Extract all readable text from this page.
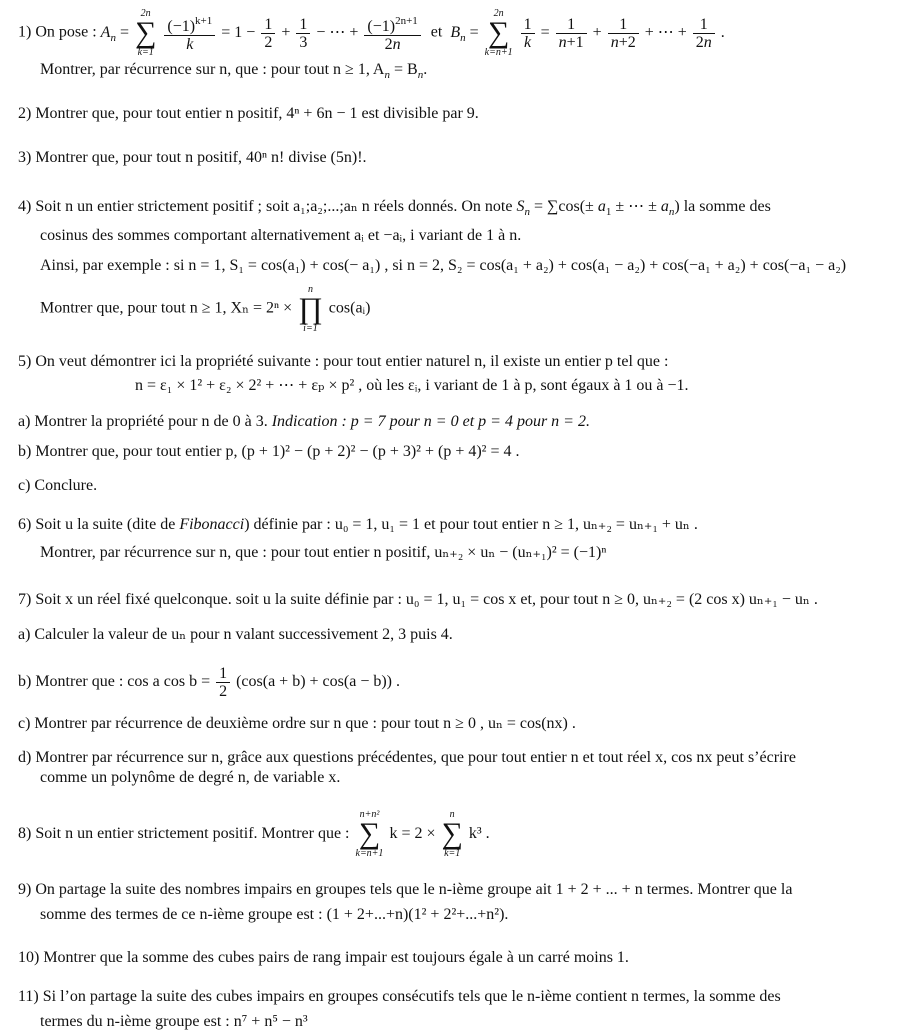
1) On pose : $A_n$ =
2n
∑
k=1
$\frac{(-1)^{k+1}}{k} = 1 - \frac{1}{2} + \frac{1}{3}$ − ⋯ + $\frac{(-1)^{2n+1}}{2n}$ et $B_n$ =
2n
∑
k=n+1

$\frac{1}{k} = \frac{1}{n+1} + \frac{1}{n+2}$ + ⋯ + $\frac{1}{2n}$ .
Montrer, par récurrence sur n, que : pour tout n ≥ 1, $A_n = B_n$.
2) Montrer que, pour tout entier n positif, 4ⁿ + 6n − 1 est divisible par 9.
3) Montrer que, pour tout n positif, 40ⁿ n! divise (5n)!.
4) Soit n un entier strictement positif ; soit a₁;a₂;...;aₙ n réels donnés. On note $S_n = \sum\cos(\pm a_1$ ± ⋯ ± $a_n$) la somme des
cosinus des sommes comportant alternativement aᵢ et −aᵢ, i variant de 1 à n.
Ainsi, par exemple : si n = 1, S₁ = cos(a₁) + cos(− a₁) , si n = 2, S₂ = cos(a₁ + a₂) + cos(a₁ − a₂) + cos(−a₁ + a₂) + cos(−a₁ − a₂)
Montrer que, pour tout n ≥ 1, Xₙ = 2ⁿ ×
n
∏
i=1
cos(aᵢ)
5) On veut démontrer ici la propriété suivante : pour tout entier naturel n, il existe un entier p tel que :
n = ε₁ × 1² + ε₂ × 2² + ⋯ + εₚ × p² , où les εᵢ, i variant de 1 à p, sont égaux à 1 ou à −1.
a) Montrer la propriété pour n de 0 à 3. Indication : p = 7 pour n = 0 et p = 4 pour n = 2.
b) Montrer que, pour tout entier p, (p + 1)² − (p + 2)² − (p + 3)² + (p + 4)² = 4 .
c) Conclure.
6) Soit u la suite (dite de Fibonacci) définie par : u₀ = 1, u₁ = 1 et pour tout entier n ≥ 1, uₙ₊₂ = uₙ₊₁ + uₙ .
Montrer, par récurrence sur n, que : pour tout entier n positif, uₙ₊₂ × uₙ − (uₙ₊₁)² = (−1)ⁿ
7) Soit x un réel fixé quelconque. soit u la suite définie par : u₀ = 1, u₁ = cos x et, pour tout n ≥ 0, uₙ₊₂ = (2 cos x) uₙ₊₁ − uₙ .
a) Calculer la valeur de uₙ pour n valant successivement 2, 3 puis 4.
b) Montrer que : cos a $\cos b = \frac{1}{2} (\cos(a + b) + \cos(a - b))$ .
c) Montrer par récurrence de deuxième ordre sur n que : pour tout n ≥ 0 , uₙ = cos(nx) .
d) Montrer par récurrence sur n, grâce aux questions précédentes, que pour tout entier n et tout réel x, cos nx peut s’écrire
comme un polynôme de degré n, de variable x.
8) Soit n un entier strictement positif. Montrer que :
n+n²
∑
k=n+1
k = 2 ×
n
∑
k=1
k³ .
9) On partage la suite des nombres impairs en groupes tels que le n-ième groupe ait 1 + 2 + ... + n termes. Montrer que la
somme des termes de ce n-ième groupe est : (1 + 2+...+n)(1² + 2²+...+n²).
10) Montrer que la somme des cubes pairs de rang impair est toujours égale à un carré moins 1.
11) Si l’on partage la suite des cubes impairs en groupes consécutifs tels que le n-ième contient n termes, la somme des
termes du n-ième groupe est : n⁷ + n⁵ − n³
